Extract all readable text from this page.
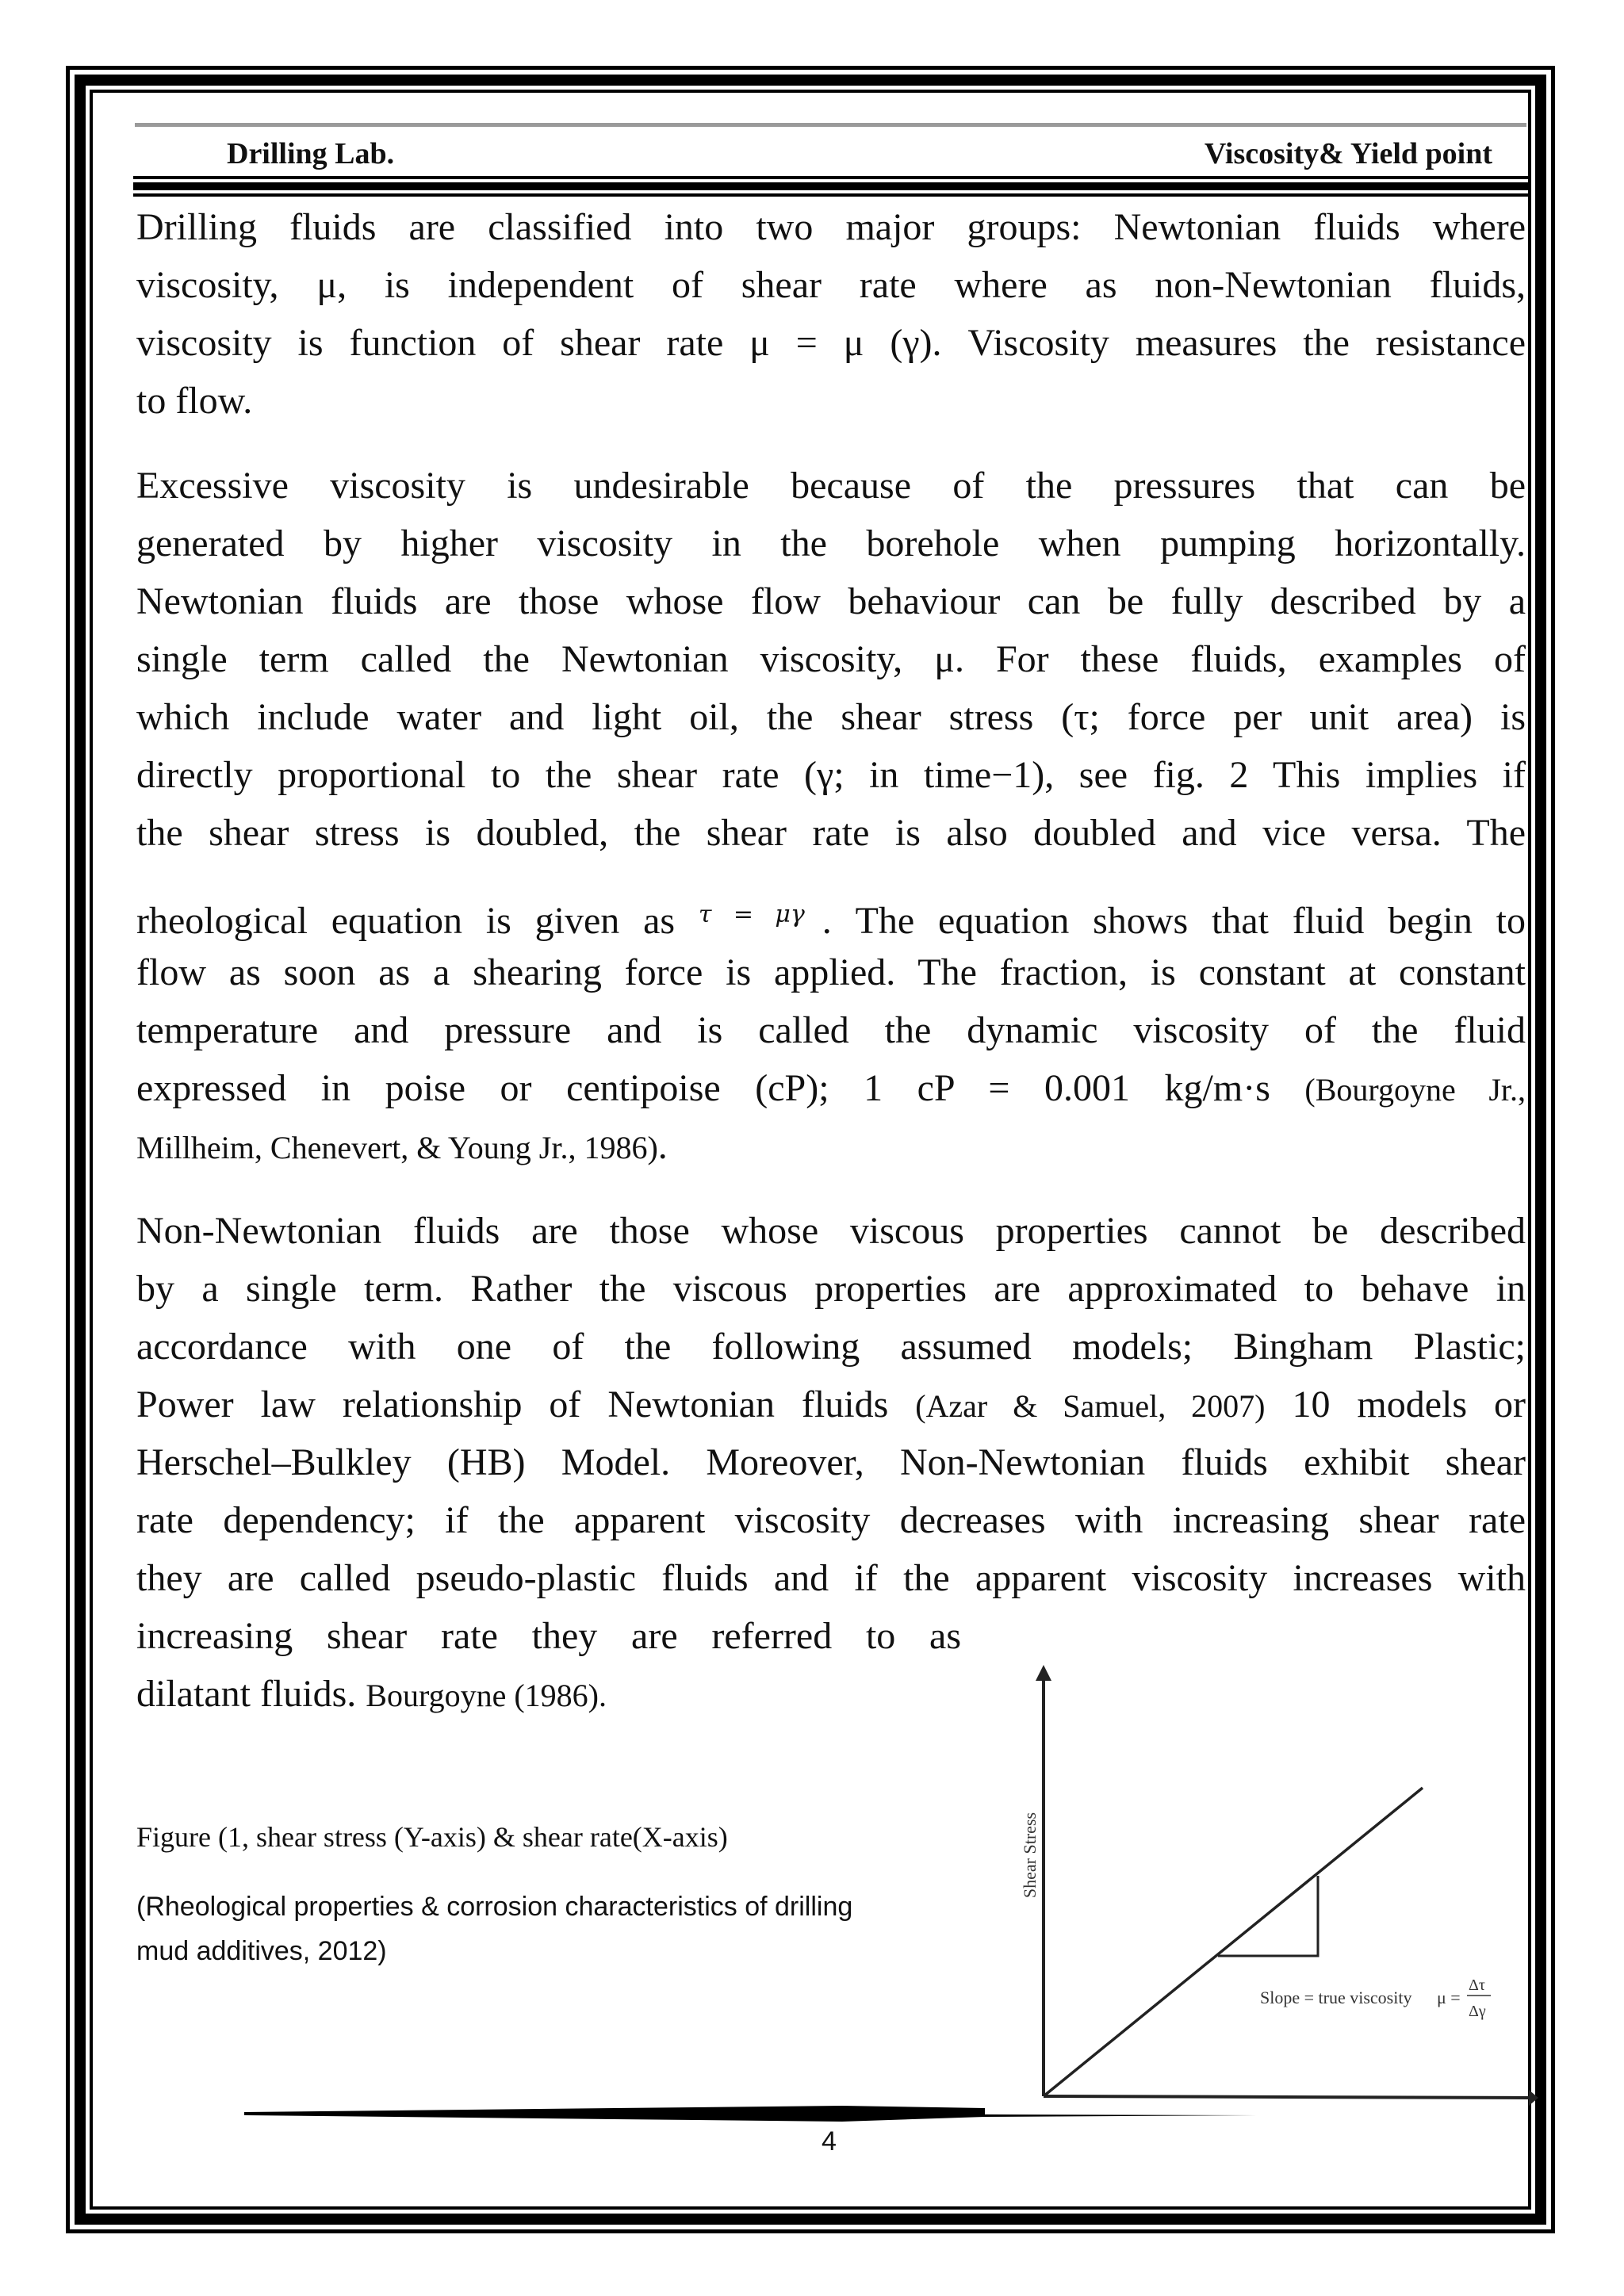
Drilling Lab.	Viscosity& Yield point
Drilling fluids are classified into two major groups: Newtonian fluids where
viscosity, μ, is independent of shear rate where as non-Newtonian fluids,
viscosity is function of shear rate μ = μ (γ). Viscosity measures the resistance
to flow.
Excessive viscosity is undesirable because of the pressures that can be
generated by higher viscosity in the borehole when pumping horizontally.
Newtonian fluids are those whose flow behaviour can be fully described by a
single term called the Newtonian viscosity, μ. For these fluids, examples of
which include water and light oil, the shear stress (τ; force per unit area) is
directly proportional to the shear rate (γ; in time−1), see fig. 2 This implies if
the shear stress is doubled, the shear rate is also doubled and vice versa. The
rheological equation is given as $^{\tau = \mu\gamma}$ . The equation shows that fluid begin to
flow as soon as a shearing force is applied. The fraction, is constant at constant
temperature and pressure and is called the dynamic viscosity of the fluid
expressed in poise or centipoise (cP); 1 cP = 0.001 kg/m·s (Bourgoyne Jr.,
Millheim, Chenevert, & Young Jr., 1986).
Non-Newtonian fluids are those whose viscous properties cannot be described
by a single term. Rather the viscous properties are approximated to behave in
accordance with one of the following assumed models; Bingham Plastic;
Power law relationship of Newtonian fluids (Azar & Samuel, 2007) 10 models or
Herschel–Bulkley (HB) Model. Moreover, Non-Newtonian fluids exhibit shear
rate dependency; if the apparent viscosity decreases with increasing shear rate
they are called pseudo-plastic fluids and if the apparent viscosity increases with
increasing shear rate they are referred to as
dilatant fluids. Bourgoyne (1986).
Figure (1, shear stress (Y-axis) & shear rate(X-axis)
(Rheological properties & corrosion characteristics of drilling
mud additives, 2012)
Shear Stress
Slope = true viscosity μ =
Δτ
Δγ
4
